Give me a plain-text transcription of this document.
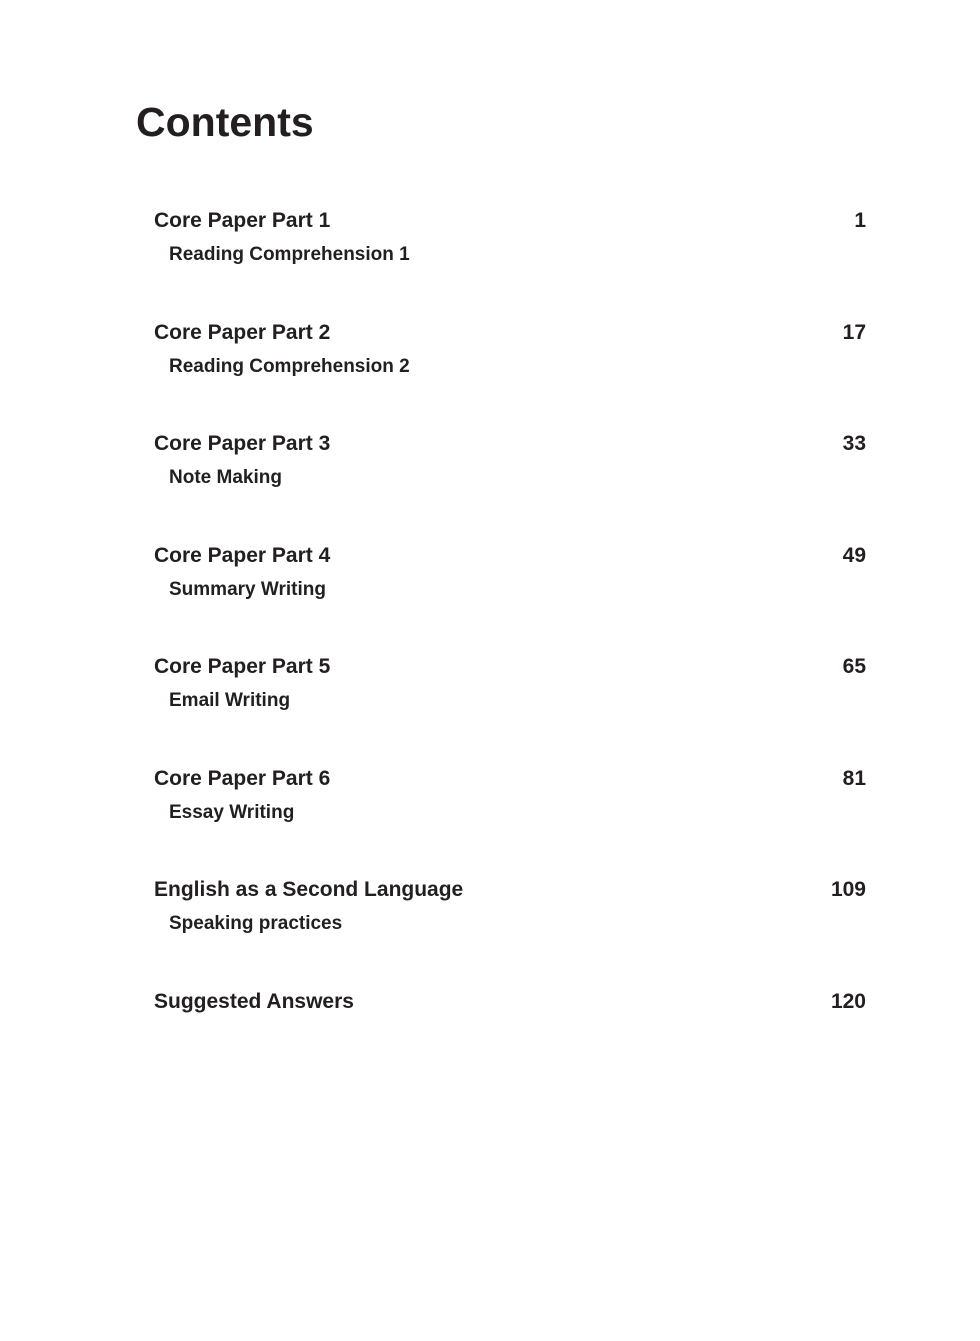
Contents
Core Paper Part 1	1
Reading Comprehension 1
Core Paper Part 2	17
Reading Comprehension 2
Core Paper Part 3	33
Note Making
Core Paper Part 4	49
Summary Writing
Core Paper Part 5	65
Email Writing
Core Paper Part 6	81
Essay Writing
English as a Second Language	109
Speaking practices
Suggested Answers	120
